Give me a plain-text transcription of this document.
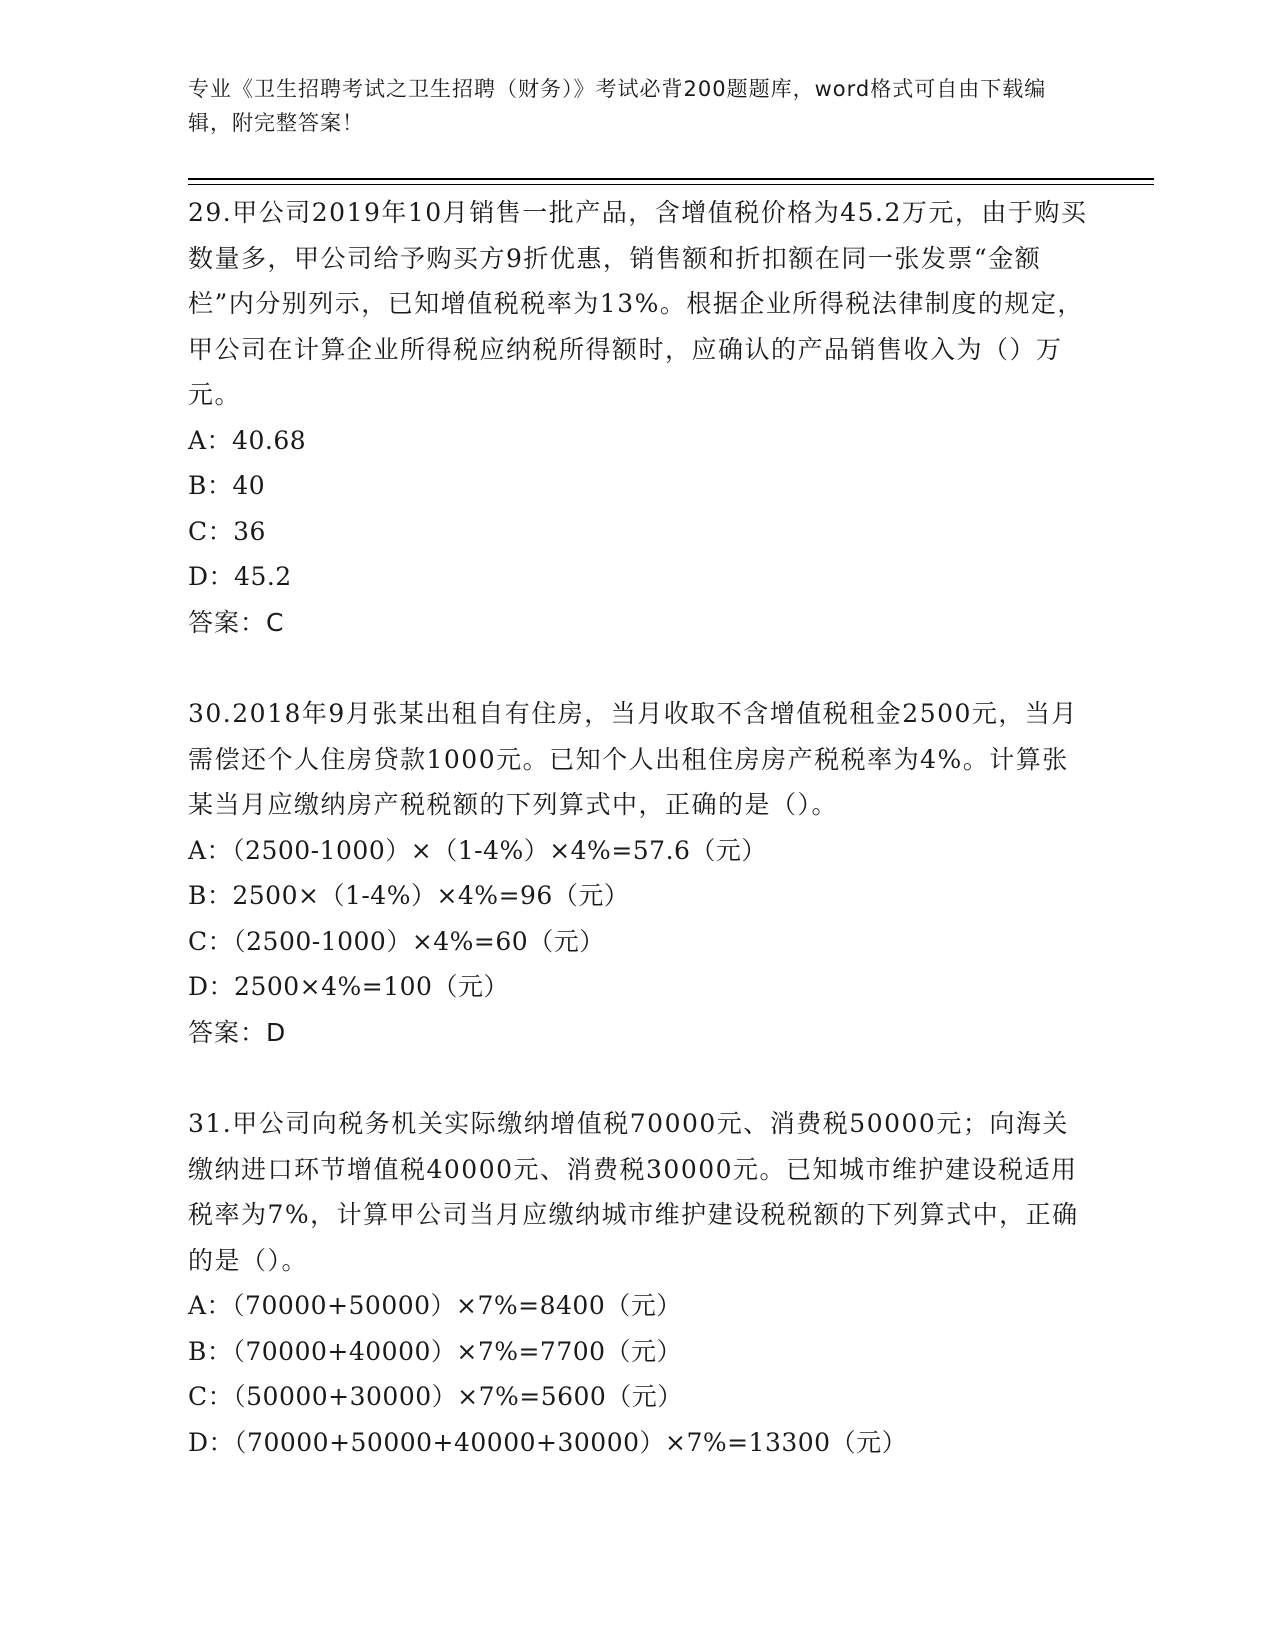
专业《卫生招聘考试之卫生招聘（财务）》考试必背200题题库，word格式可自由下载编辑，附完整答案！

29.甲公司2019年10月销售一批产品，含增值税价格为45.2万元，由于购买数量多，甲公司给予购买方9折优惠，销售额和折扣额在同一张发票“金额栏”内分别列示，已知增值税税率为13%。根据企业所得税法律制度的规定，甲公司在计算企业所得税应纳税所得额时，应确认的产品销售收入为（）万元。

A：40.68

B：40

C：36

D：45.2

答案：C

30.2018年9月张某出租自有住房，当月收取不含增值税租金2500元，当月需偿还个人住房贷款1000元。已知个人出租住房房产税税率为4%。计算张某当月应缴纳房产税税额的下列算式中，正确的是（）。

A：（2500-1000）×（1-4%）×4%=57.6（元）

B：2500×（1-4%）×4%=96（元）

C：（2500-1000）×4%=60（元）

D：2500×4%=100（元）

答案：D

31.甲公司向税务机关实际缴纳增值税70000元、消费税50000元；向海关缴纳进口环节增值税40000元、消费税30000元。已知城市维护建设税适用税率为7%，计算甲公司当月应缴纳城市维护建设税税额的下列算式中，正确的是（）。

A：（70000+50000）×7%=8400（元）

B：（70000+40000）×7%=7700（元）

C：（50000+30000）×7%=5600（元）

D：（70000+50000+40000+30000）×7%=13300（元）
